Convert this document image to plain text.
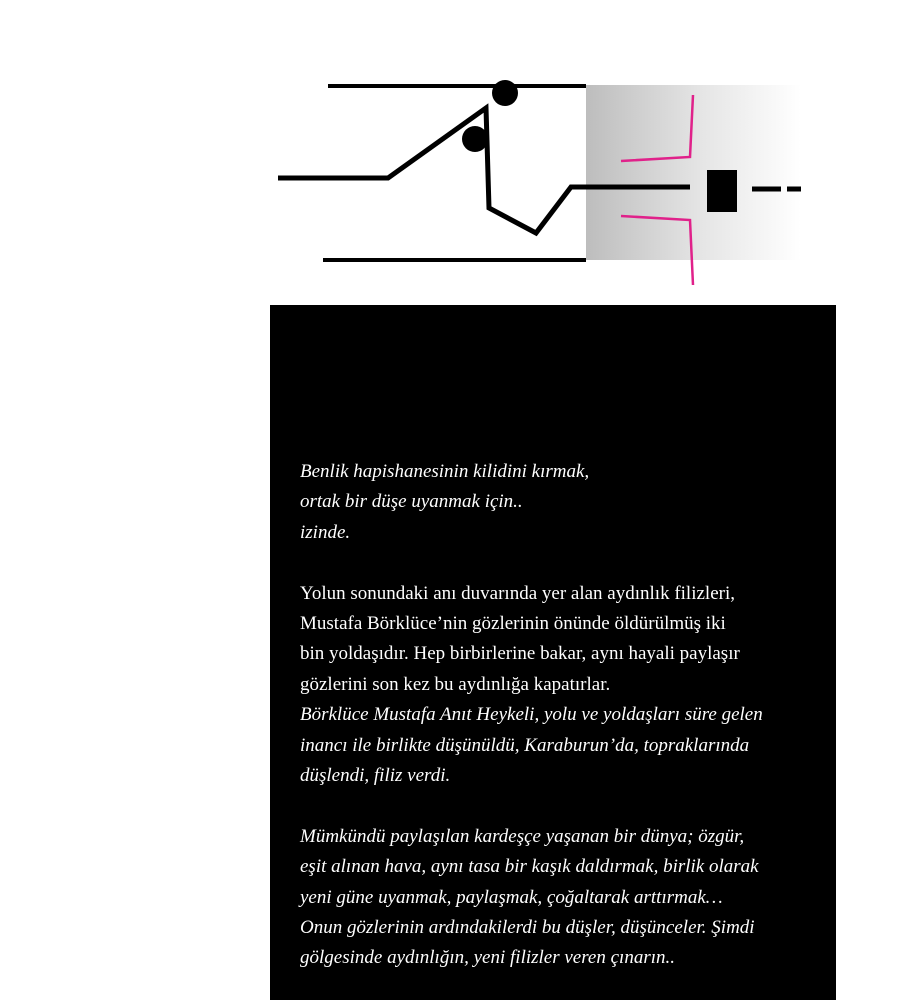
Benlik hapishanesinin kilidini kırmak,
ortak bir düşe uyanmak için..
izinde.

Yolun sonundaki anı duvarında yer alan aydınlık filizleri,
Mustafa Börklüce’nin gözlerinin önünde öldürülmüş iki
bin yoldaşıdır. Hep birbirlerine bakar, aynı hayali paylaşır
gözlerini son kez bu aydınlığa kapatırlar.
Börklüce Mustafa Anıt Heykeli, yolu ve yoldaşları süre gelen
inancı ile birlikte düşünüldü, Karaburun’da, topraklarında
düşlendi, filiz verdi.

Mümkündü paylaşılan kardeşçe yaşanan bir dünya; özgür,
eşit alınan hava, aynı tasa bir kaşık daldırmak, birlik olarak
yeni güne uyanmak, paylaşmak, çoğaltarak arttırmak…
Onun gözlerinin ardındakilerdi bu düşler, düşünceler. Şimdi
gölgesinde aydınlığın, yeni filizler veren çınarın..
